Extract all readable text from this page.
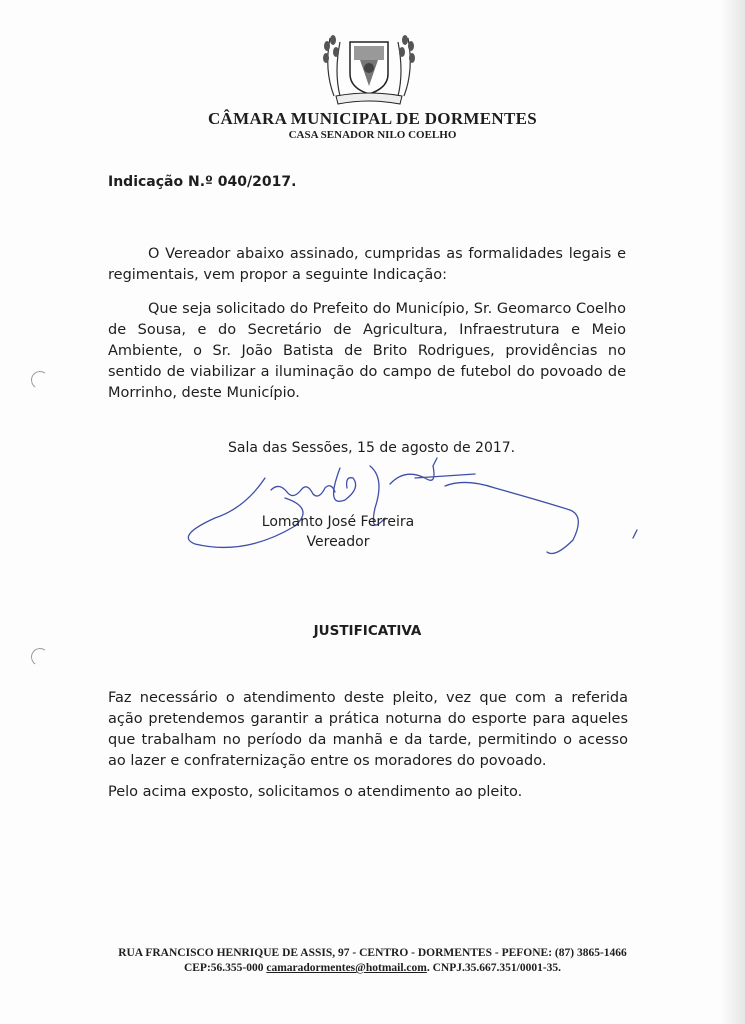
CÂMARA MUNICIPAL DE DORMENTES
CASA SENADOR NILO COELHO
Indicação N.º 040/2017.
O Vereador abaixo assinado, cumpridas as formalidades legais e regimentais, vem propor a seguinte Indicação:
Que seja solicitado do Prefeito do Município, Sr. Geomarco Coelho de Sousa, e do Secretário de Agricultura, Infraestrutura e Meio Ambiente, o Sr. João Batista de Brito Rodrigues, providências no sentido de viabilizar a iluminação do campo de futebol do povoado de Morrinho, deste Município.
Sala das Sessões, 15 de agosto de 2017.
Lomanto José Ferreira
Vereador
JUSTIFICATIVA
Faz necessário o atendimento deste pleito, vez que com a referida ação pretendemos garantir a prática noturna do esporte para aqueles que trabalham no período da manhã e da tarde, permitindo o acesso ao lazer e confraternização entre os moradores do povoado.
Pelo acima exposto, solicitamos o atendimento ao pleito.
RUA FRANCISCO HENRIQUE DE ASSIS, 97 - CENTRO - DORMENTES - PEFONE: (87) 3865-1466
CEP:56.355-000 camaradormentes@hotmail.com. CNPJ.35.667.351/0001-35.
